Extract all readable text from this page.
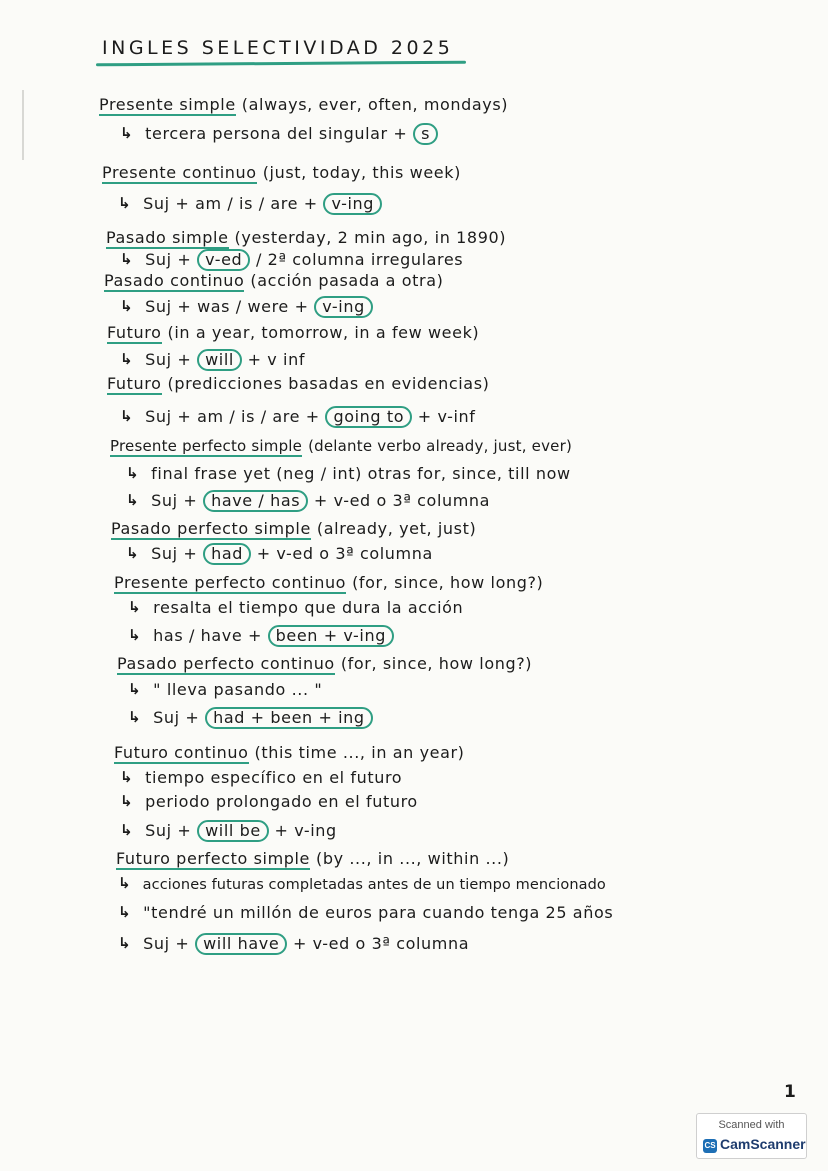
INGLES SELECTIVIDAD 2025
Presente simple (always, ever, often, mondays)
↳ tercera persona del singular + s
Presente continuo (just, today, this week)
↳ Suj + am / is / are + v-ing
Pasado simple (yesterday, 2 min ago, in 1890)
↳ Suj + v-ed / 2ª columna irregulares
Pasado continuo (acción pasada a otra)
↳ Suj + was / were + v-ing
Futuro (in a year, tomorrow, in a few week)
↳ Suj + will + v inf
Futuro (predicciones basadas en evidencias)
↳ Suj + am / is / are + going to + v-inf
Presente perfecto simple (delante verbo already, just, ever)
↳ final frase yet (neg / int) otras for, since, till now
↳ Suj + have / has + v-ed o 3ª columna
Pasado perfecto simple (already, yet, just)
↳ Suj + had + v-ed o 3ª columna
Presente perfecto continuo (for, since, how long?)
↳ resalta el tiempo que dura la acción
↳ has / have + been + v-ing
Pasado perfecto continuo (for, since, how long?)
↳ " lleva pasando ... "
↳ Suj + had + been + ing
Futuro continuo (this time ..., in an year)
↳ tiempo específico en el futuro
↳ periodo prolongado en el futuro
↳ Suj + will be + v-ing
Futuro perfecto simple (by ..., in ..., within ...)
↳ acciones futuras completadas antes de un tiempo mencionado
↳ "tendré un millón de euros para cuando tenga 25 años
↳ Suj + will have + v-ed o 3ª columna
1
Scanned with
CS CamScanner
